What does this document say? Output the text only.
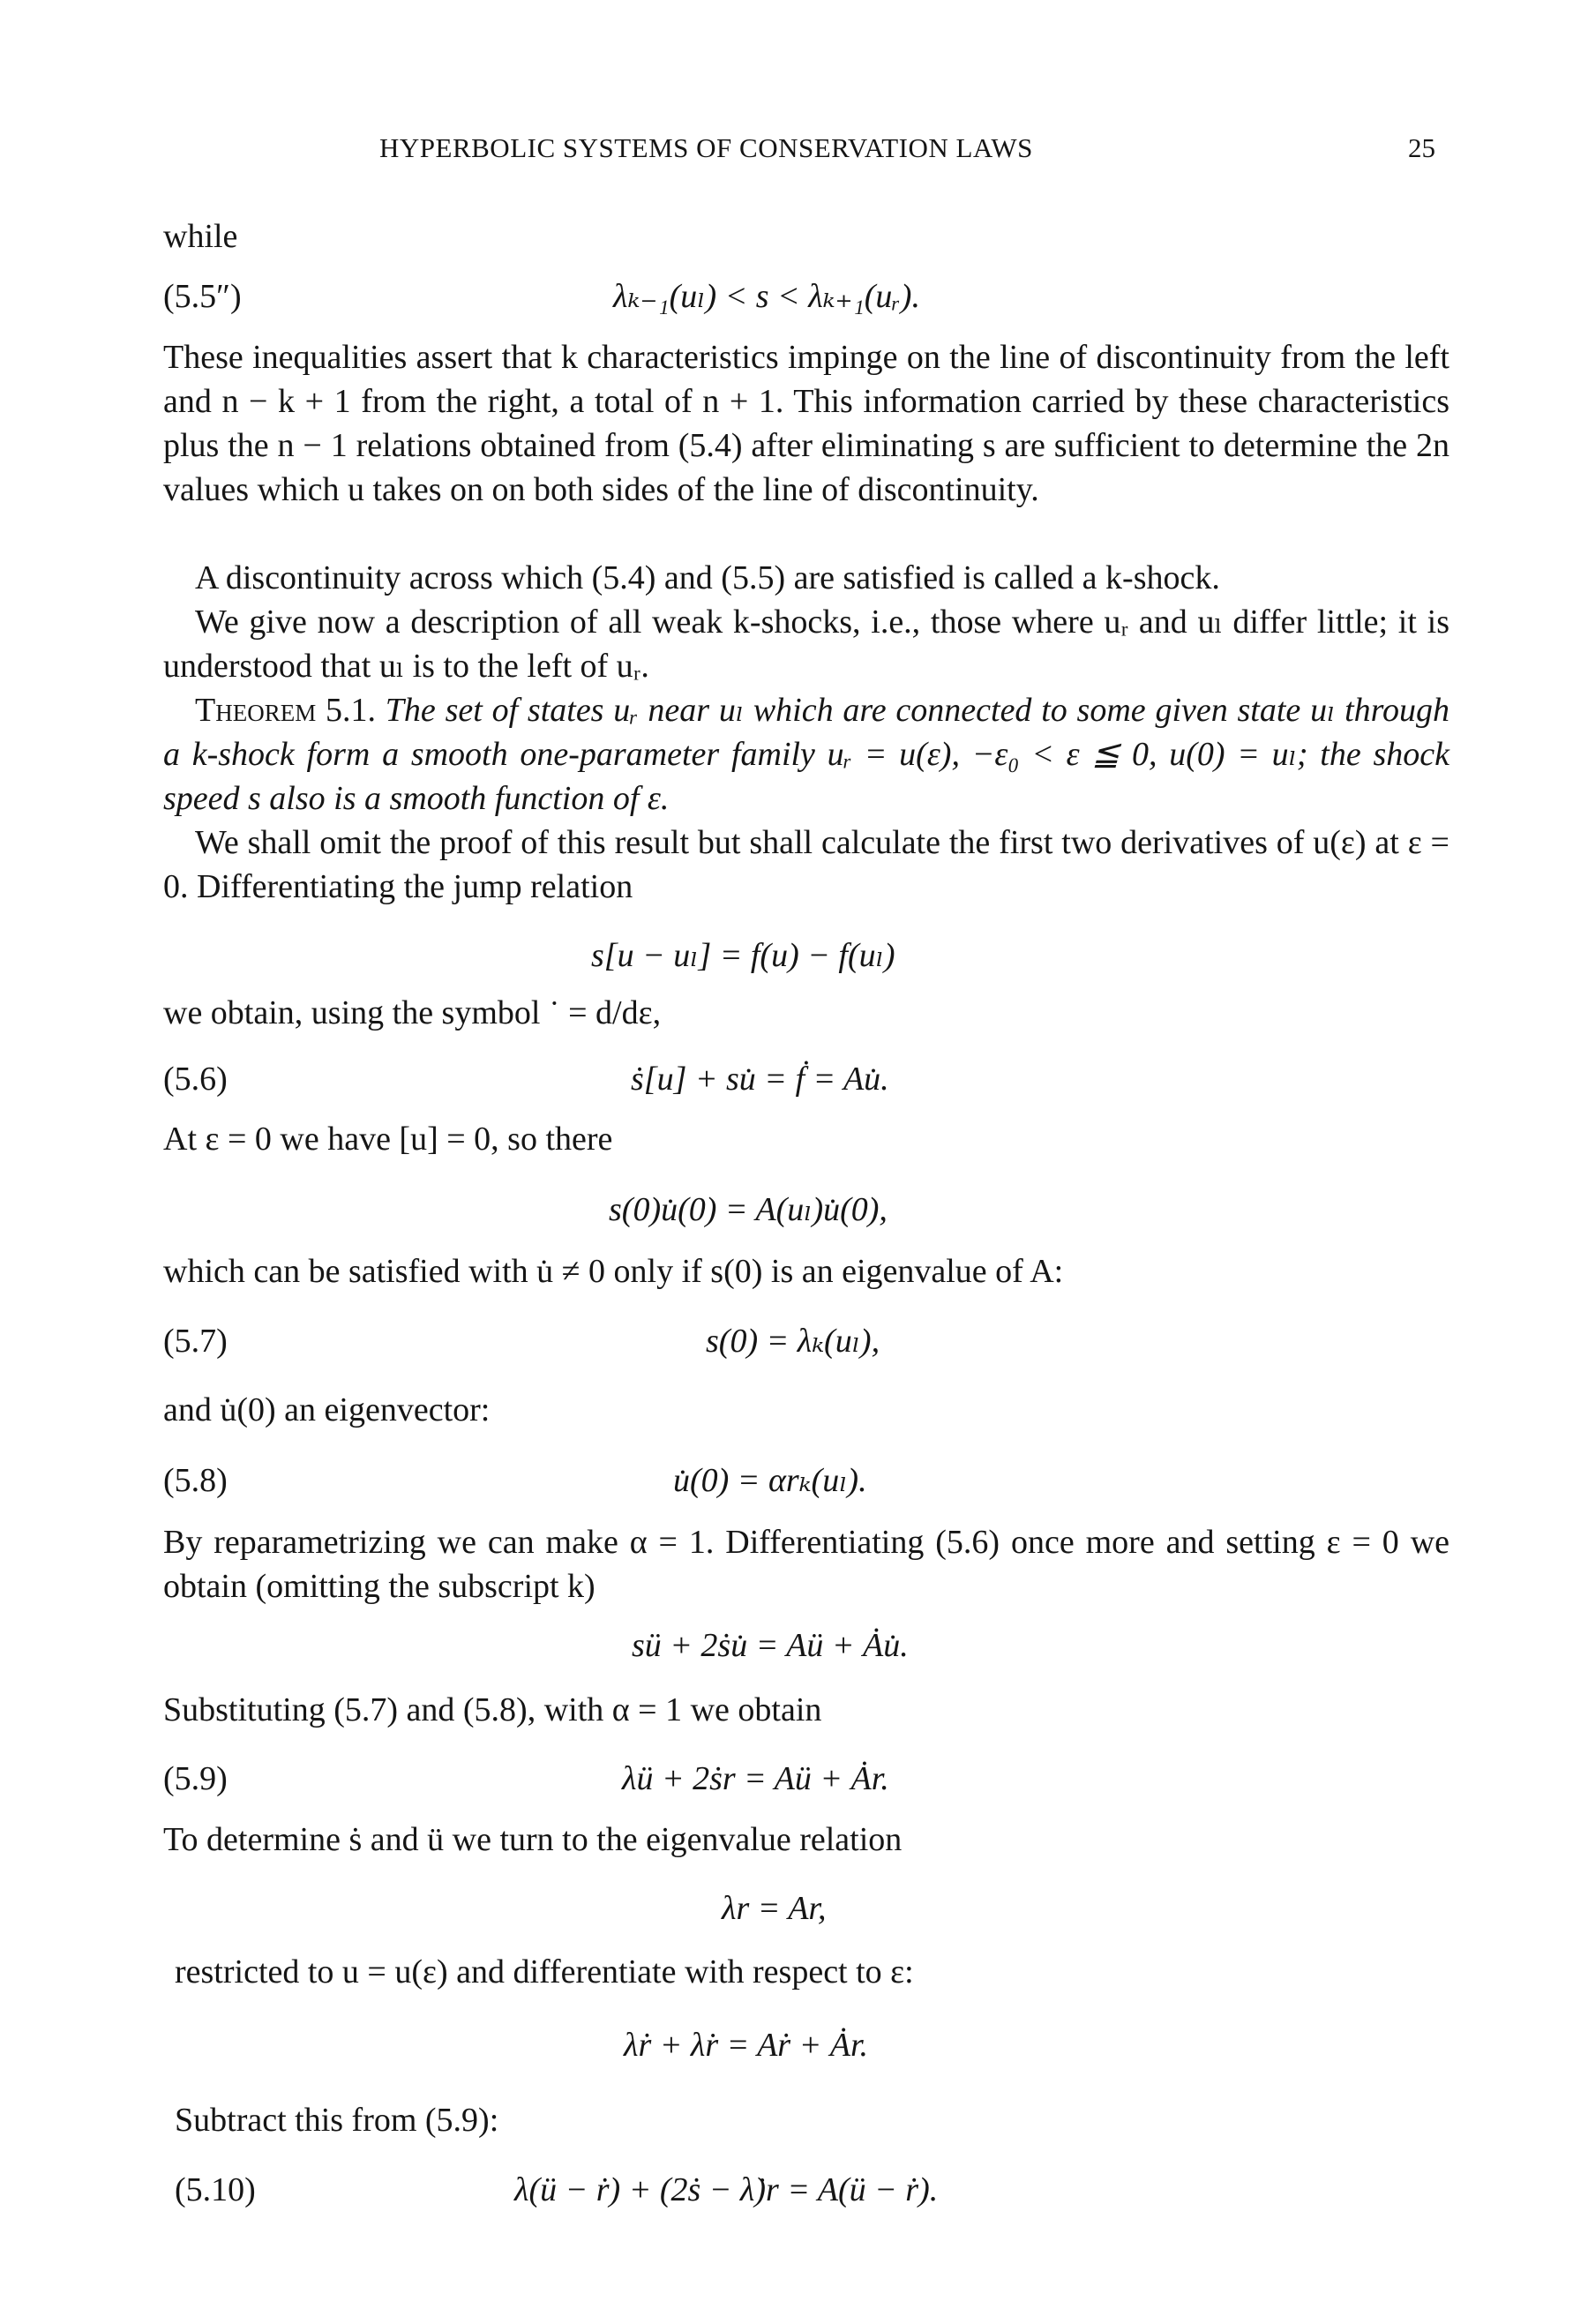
HYPERBOLIC SYSTEMS OF CONSERVATION LAWS	25
while
(5.5″)	λₖ₋₁(uₗ) < s < λₖ₊₁(uᵣ).
These inequalities assert that k characteristics impinge on the line of discontinuity from the left and n − k + 1 from the right, a total of n + 1. This information carried by these characteristics plus the n − 1 relations obtained from (5.4) after eliminating s are sufficient to determine the 2n values which u takes on on both sides of the line of discontinuity.
A discontinuity across which (5.4) and (5.5) are satisfied is called a k-shock.
We give now a description of all weak k-shocks, i.e., those where uᵣ and uₗ differ little; it is understood that uₗ is to the left of uᵣ.
Theorem 5.1. The set of states uᵣ near uₗ which are connected to some given state uₗ through a k-shock form a smooth one-parameter family uᵣ = u(ε), −ε₀ < ε ≦ 0, u(0) = uₗ; the shock speed s also is a smooth function of ε.
We shall omit the proof of this result but shall calculate the first two derivatives of u(ε) at ε = 0. Differentiating the jump relation
s[u − uₗ] = f(u) − f(uₗ)
we obtain, using the symbol ˙ = d/dε,
(5.6)	ṡ[u] + su̇ = ḟ = Au̇.
At ε = 0 we have [u] = 0, so there
s(0)u̇(0) = A(uₗ)u̇(0),
which can be satisfied with u̇ ≠ 0 only if s(0) is an eigenvalue of A:
(5.7)	s(0) = λₖ(uₗ),
and u̇(0) an eigenvector:
(5.8)	u̇(0) = αrₖ(uₗ).
By reparametrizing we can make α = 1. Differentiating (5.6) once more and setting ε = 0 we obtain (omitting the subscript k)
sü + 2ṡu̇ = Aü + Ȧu̇.
Substituting (5.7) and (5.8), with α = 1 we obtain
(5.9)	λü + 2ṡr = Aü + Ȧr.
To determine ṡ and ü we turn to the eigenvalue relation
λr = Ar,
restricted to u = u(ε) and differentiate with respect to ε:
λṙ + λ̇r = Aṙ + Ȧr.
Subtract this from (5.9):
(5.10)	λ(ü − ṙ) + (2ṡ − λ̇)r = A(ü − ṙ).
